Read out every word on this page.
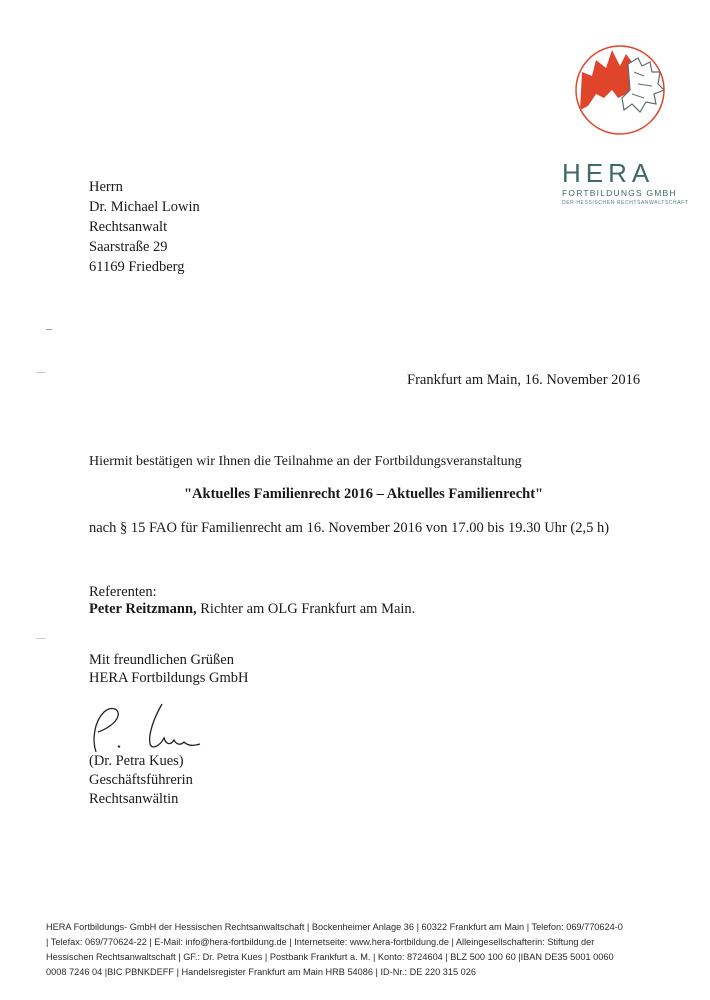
HERA
FORTBILDUNGS GMBH
DER HESSISCHEN RECHTSANWALTSCHAFT
Herrn
Dr. Michael Lowin
Rechtsanwalt
Saarstraße 29
61169 Friedberg
Frankfurt am Main, 16. November 2016
Hiermit bestätigen wir Ihnen die Teilnahme an der Fortbildungsveranstaltung
"Aktuelles Familienrecht 2016 – Aktuelles Familienrecht"
nach § 15 FAO für Familienrecht am 16. November 2016 von 17.00 bis 19.30 Uhr (2,5 h)
Referenten:
Peter Reitzmann, Richter am OLG Frankfurt am Main.
Mit freundlichen Grüßen
HERA Fortbildungs GmbH
(Dr. Petra Kues)
Geschäftsführerin
Rechtsanwältin
HERA Fortbildungs- GmbH der Hessischen Rechtsanwaltschaft | Bockenheimer Anlage 36 | 60322 Frankfurt am Main | Telefon: 069/770624-0
| Telefax: 069/770624-22 | E-Mail: info@hera-fortbildung.de | Internetseite: www.hera-fortbildung.de | Alleingesellschafterin: Stiftung der
Hessischen Rechtsanwaltschaft | GF.: Dr. Petra Kues | Postbank Frankfurt a. M. | Konto: 8724604 | BLZ 500 100 60 |IBAN DE35 5001 0060
0008 7246 04 |BIC PBNKDEFF | Handelsregister Frankfurt am Main HRB 54086 | ID-Nr.: DE 220 315 026
